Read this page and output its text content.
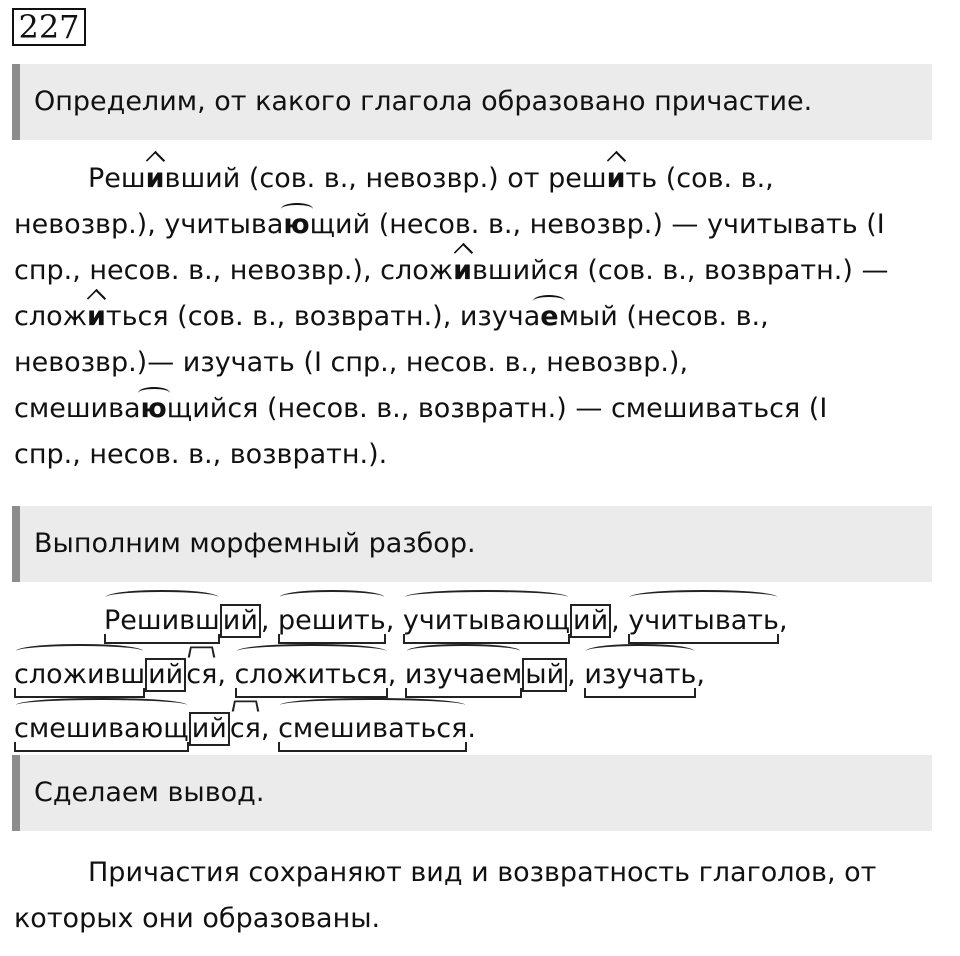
227
Определим, от какого глагола образовано причастие.
Решивший (сов. в., невозвр.) от решить (сов. в.,
невозвр.), учитывающий (несов. в., невозвр.) — учитывать (I
спр., несов. в., невозвр.), сложившийся (сов. в., возвратн.) —
сложиться (сов. в., возвратн.), изучаемый (несов. в.,
невозвр.)— изучать (I спр., несов. в., невозвр.),
смешивающийся (несов. в., возвратн.) — смешиваться (I
спр., несов. в., возвратн.).
Выполним морфемный разбор.
Решивш ий , решить, учитывающ ий , учитывать,
сложивш ий ся, сложиться, изучаем ый , изучать,
смешивающ ий ся, смешиваться.
Сделаем вывод.
Причастия сохраняют вид и возвратность глаголов, от
которых они образованы.
